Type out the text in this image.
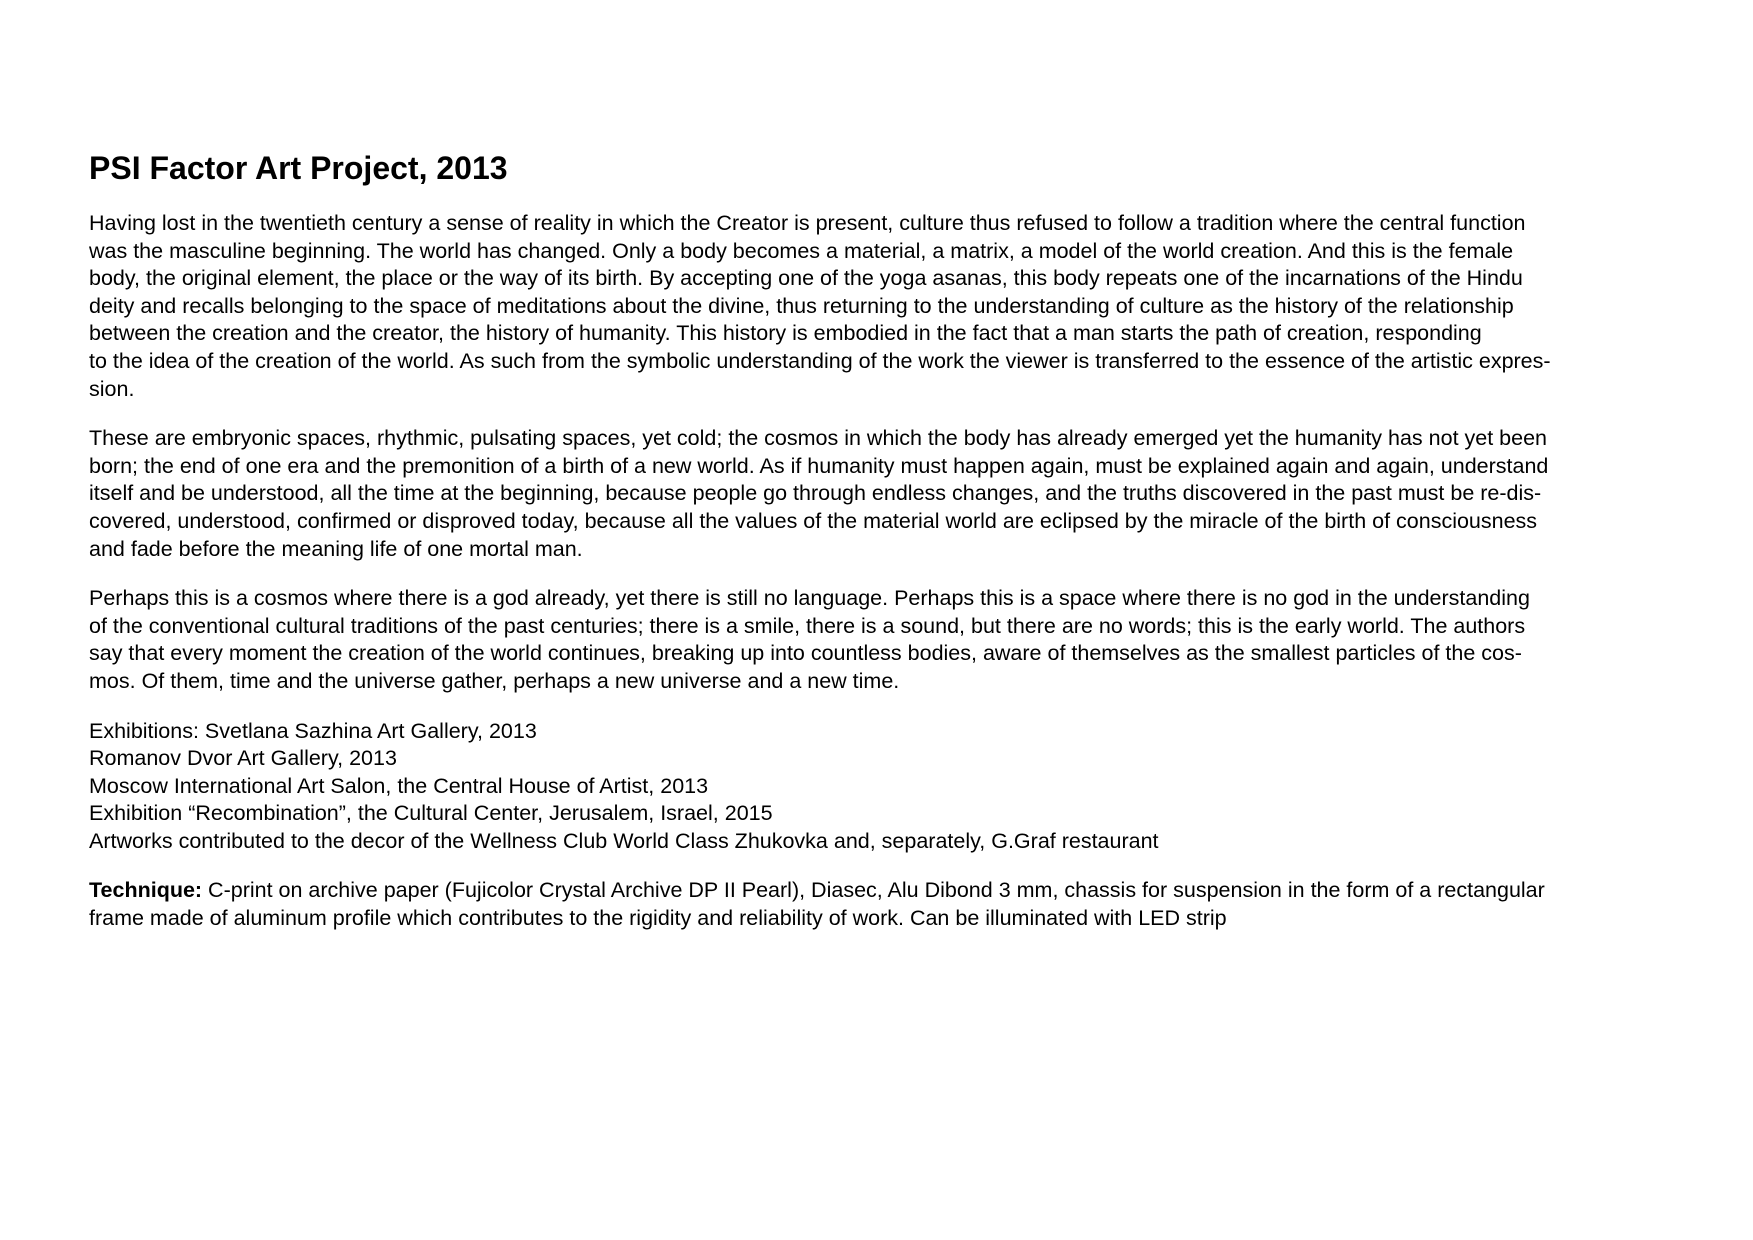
PSI Factor Art Project, 2013

Having lost in the twentieth century a sense of reality in which the Creator is present, culture thus refused to follow a tradition where the central function
was the masculine beginning. The world has changed. Only a body becomes a material, a matrix, a model of the world creation. And this is the female
body, the original element, the place or the way of its birth. By accepting one of the yoga asanas, this body repeats one of the incarnations of the Hindu
deity and recalls belonging to the space of meditations about the divine, thus returning to the understanding of culture as the history of the relationship
between the creation and the creator, the history of humanity. This history is embodied in the fact that a man starts the path of creation, responding
to the idea of the creation of the world. As such from the symbolic understanding of the work the viewer is transferred to the essence of the artistic expres-
sion.

These are embryonic spaces, rhythmic, pulsating spaces, yet cold; the cosmos in which the body has already emerged yet the humanity has not yet been
born; the end of one era and the premonition of a birth of a new world. As if humanity must happen again, must be explained again and again, understand
itself and be understood, all the time at the beginning, because people go through endless changes, and the truths discovered in the past must be re-dis-
covered, understood, confirmed or disproved today, because all the values of the material world are eclipsed by the miracle of the birth of consciousness
and fade before the meaning life of one mortal man.

Perhaps this is a cosmos where there is a god already, yet there is still no language. Perhaps this is a space where there is no god in the understanding
of the conventional cultural traditions of the past centuries; there is a smile, there is a sound, but there are no words; this is the early world. The authors
say that every moment the creation of the world continues, breaking up into countless bodies, aware of themselves as the smallest particles of the cos-
mos. Of them, time and the universe gather, perhaps a new universe and a new time.

Exhibitions: Svetlana Sazhina Art Gallery, 2013
Romanov Dvor Art Gallery, 2013
Moscow International Art Salon, the Central House of Artist, 2013
Exhibition “Recombination”, the Cultural Center, Jerusalem, Israel, 2015
Artworks contributed to the decor of the Wellness Club World Class Zhukovka and, separately, G.Graf restaurant

Technique: C-print on archive paper (Fujicolor Crystal Archive DP II Pearl), Diasec, Alu Dibond 3 mm, chassis for suspension in the form of a rectangular
frame made of aluminum profile which contributes to the rigidity and reliability of work. Can be illuminated with LED strip
